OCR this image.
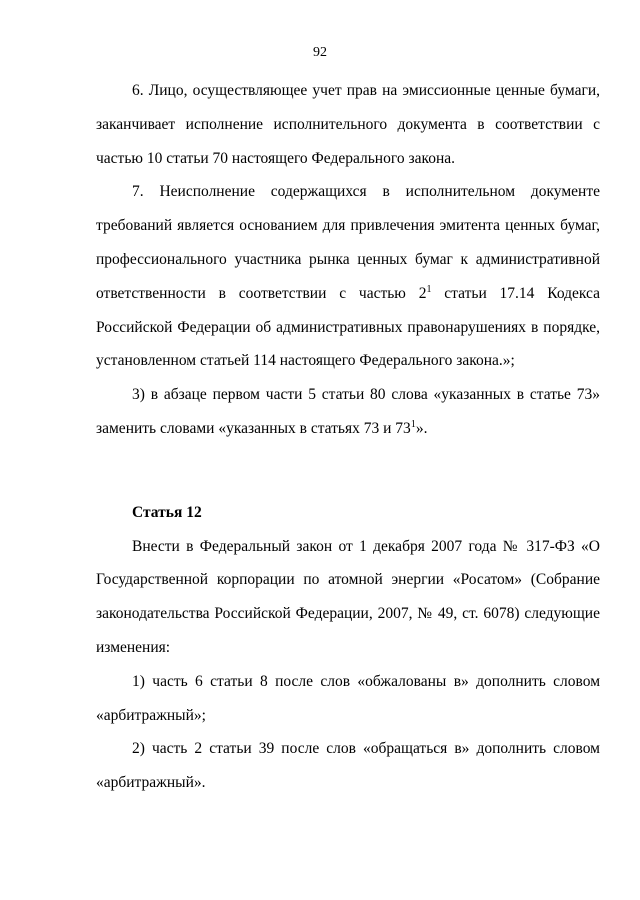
92

6. Лицо, осуществляющее учет прав на эмиссионные ценные бумаги, заканчивает исполнение исполнительного документа в соответствии с частью 10 статьи 70 настоящего Федерального закона.

7. Неисполнение содержащихся в исполнительном документе требований является основанием для привлечения эмитента ценных бумаг, профессионального участника рынка ценных бумаг к административной ответственности в соответствии с частью $2^1$ статьи 17.14 Кодекса Российской Федерации об административных правонарушениях в порядке, установленном статьей 114 настоящего Федерального закона.»;

3) в абзаце первом части 5 статьи 80 слова «указанных в статье 73» заменить словами «указанных в статьях 73 и $73^1$».

Статья 12

Внести в Федеральный закон от 1 декабря 2007 года № 317-ФЗ «О Государственной корпорации по атомной энергии «Росатом» (Собрание законодательства Российской Федерации, 2007, № 49, ст. 6078) следующие изменения:

1) часть 6 статьи 8 после слов «обжалованы в» дополнить словом «арбитражный»;

2) часть 2 статьи 39 после слов «обращаться в» дополнить словом «арбитражный».
